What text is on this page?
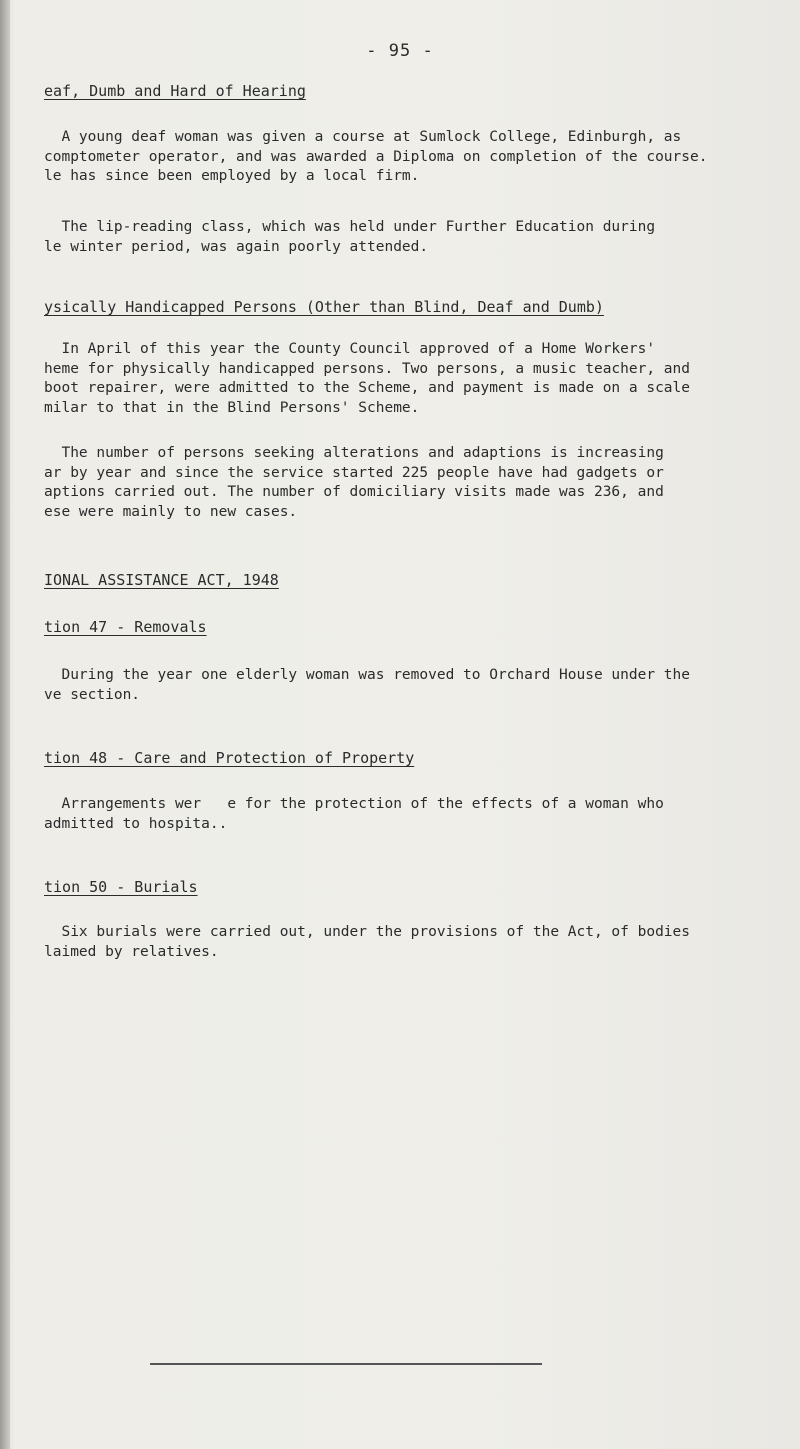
- 95 -
eaf, Dumb and Hard of Hearing

A young deaf woman was given a course at Sumlock College, Edinburgh, as
comptometer operator, and was awarded a Diploma on completion of the course.
le has since been employed by a local firm.

The lip-reading class, which was held under Further Education during
le winter period, was again poorly attended.

ysically Handicapped Persons (Other than Blind, Deaf and Dumb)

In April of this year the County Council approved of a Home Workers'
heme for physically handicapped persons. Two persons, a music teacher, and
boot repairer, were admitted to the Scheme, and payment is made on a scale
milar to that in the Blind Persons' Scheme.

The number of persons seeking alterations and adaptions is increasing
ar by year and since the service started 225 people have had gadgets or
aptions carried out. The number of domiciliary visits made was 236, and
ese were mainly to new cases.

IONAL ASSISTANCE ACT, 1948
tion 47 - Removals

During the year one elderly woman was removed to Orchard House under the
ve section.

tion 48 - Care and Protection of Property

Arrangements wer   e for the protection of the effects of a woman who
admitted to hospita..

tion 50 - Burials

Six burials were carried out, under the provisions of the Act, of bodies
laimed by relatives.
